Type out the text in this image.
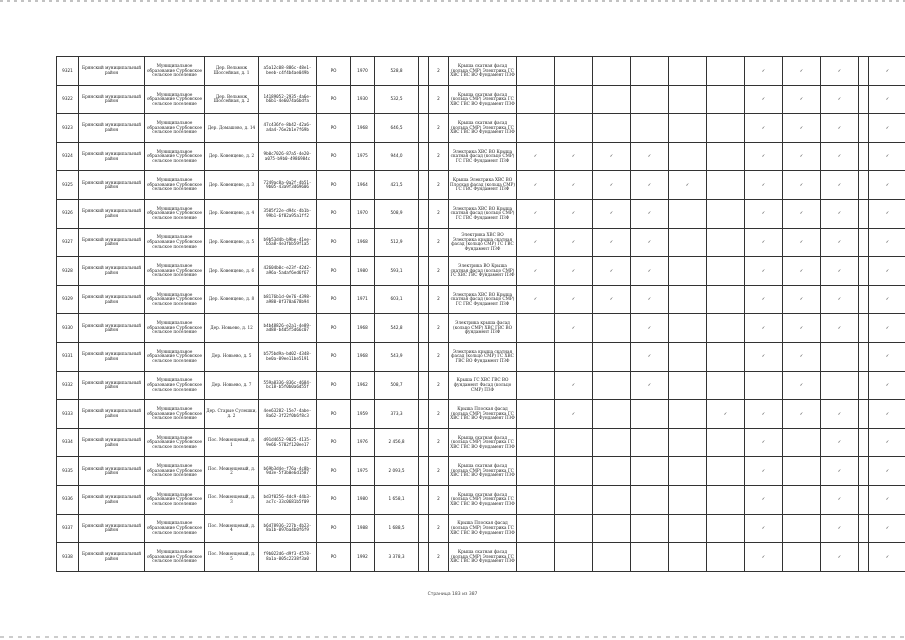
9321	Брянский муниципальный район	Муниципальное образование Сурбовское сельское поселение	Дер. Вельмож Шоссейная, д. 1	a5a12c08-886c-48e1-beeb-c4f4b4ae049b	РО	1970	528,8		2	Крыша скатная фасад (кольца СМР) Электрика ГС ХВС ГВС ВО Фундамент ПЗФ							✓	✓	✓		✓
9322	Брянский муниципальный район	Муниципальное образование Сурбовское сельское поселение	Дер. Вельмож Шоссейная, д. 2	14189052-2935-4a6e-b6b1-4e6074a6bdfa	РО	1930	532,5		2	Крыша скатная фасад (кольца СМР) Электрика ГС ХВС ГВС ВО Фундамент ПЗФ							✓	✓	✓		✓
9323	Брянский муниципальный район	Муниципальное образование Сурбовское сельское поселение	Дер. Домашово, д. 14	47c436fe-8b42-42a6-a4a4-76e2b1e7f69b	РО	1968	646,5		2	Крыша скатная фасад (кольца СМР) Электрика ГС ХВС ГВС ВО Фундамент ПЗФ							✓	✓	✓		✓
9324	Брянский муниципальный район	Муниципальное образование Сурбовское сельское поселение	Дер. Ковенцево, д. 2	9b0c7026-87a5-4e20-a075-b9b0-4986984c	РО	1975	944,0		2	Электрика ХВС ВО Крыша скатная фасад (кольцо СМР) ГС ГВС Фундамент ПЗФ	✓	✓	✓	✓			✓	✓	✓		✓
9325	Брянский муниципальный район	Муниципальное образование Сурбовское сельское поселение	Дер. Ковенцево, д. 3	7249ac8a-0a2f-4b51-9b05-43a9f3d69606	РО	1964	421,5		2	Крыша Электрика ХВС ВО Плоская фасад (кольца СМР) ГС ГВС Фундамент ПЗФ	✓	✓	✓	✓	✓		✓	✓	✓		✓
9326	Брянский муниципальный район	Муниципальное образование Сурбовское сельское поселение	Дер. Ковенцево, д. 4	3505f22e-d94c-4b1b-99b1-6f82a95a1ff2	РО	1970	508,9		2	Электрика ХВС ВО Крыша скатная фасад (кольцо СМР) ГС ГВС Фундамент ПЗФ	✓	✓	✓	✓			✓	✓	✓		✓
9327	Брянский муниципальный район	Муниципальное образование Сурбовское сельское поселение	Дер. Ковенцево, д. 5	b9b53d4b-b9be-41ee-b5a8-4e3fbb59f1a5	РО	1968	512,9		2	Электрика ХВС ВО Электрика крыша скатная фасад (кольцо СМР) ГС ГВС Фундамент ПЗФ	✓	✓	✓	✓			✓	✓	✓		✓
9328	Брянский муниципальный район	Муниципальное образование Сурбовское сельское поселение	Дер. Ковенцево, д. 6	42604b0c-e23f-42d2-a96a-5adaf6ed6f67	РО	1980	593,1		2	Электрика ВО Крыша скатная фасад (кольцо СМР) ГС ХВС ГВС Фундамент ПЗФ	✓	✓	✓	✓			✓	✓	✓		✓
9329	Брянский муниципальный район	Муниципальное образование Сурбовское сельское поселение	Дер. Ковенцево, д. 8	b8176b1d-0e76-4398-a980-0f370a678b94	РО	1971	603,1		2	Электрика ХВС ВО Крыша скатная фасад (кольцо СМР) ГС ГВС Фундамент ПЗФ	✓	✓	✓	✓			✓	✓	✓		✓
9330	Брянский муниципальный район	Муниципальное образование Сурбовское сельское поселение	Дер. Новьево, д. 12	b4b48826-e2a1-4e89-ad88-b4d5f5d66c07	РО	1968	542,8		2	Электрика крыша фасад (кольцо СМР) ХВС ГВС ВО фундамент ПЗФ		✓		✓			✓	✓	✓		✓
9331	Брянский муниципальный район	Муниципальное образование Сурбовское сельское поселение	Дер. Новьево, д. 5	b575bd9a-bd02-4348-be0a-09ee11be5191	РО	1968	543,9		2	Электрика крыша скатная фасад (кольцо СМР) ГС ХВС ГВС ВО Фундамент ПЗФ				✓			✓	✓			✓
9332	Брянский муниципальный район	Муниципальное образование Сурбовское сельское поселение	Дер. Новьево, д. 7	559a8336-836c-4684-bc18-b5f0b0a6d55f	РО	1962	508,7		2	Крыша ГС ХВС ГВС ВО фундамент Фасад (кольцо СМР) ПЗФ		✓		✓				✓			✓
9333	Брянский муниципальный район	Муниципальное образование Сурбовское сельское поселение	Дер. Старые Сулешки, д. 2	4ee63282-15e7-4abe-8a62-3f22f0b6f8c3	РО	1959	373,3		2	Крыша Плоская фасад (кольца СМР) Электрика ГС ХВС ГВС ВО Фундамент ПЗФ		✓				✓	✓	✓	✓		✓
9334	Брянский муниципальный район	Муниципальное образование Сурбовское сельское поселение	Пос. Меженцевый, д. 1	d91d4652-9025-4135-9e66-5702f120ee17	РО	1976	2 456,8		2	Крыша скатная фасад (кольца СМР) Электрика ГС ХВС ГВС ВО Фундамент ПЗФ							✓		✓		✓
9335	Брянский муниципальный район	Муниципальное образование Сурбовское сельское поселение	Пос. Меженцевый, д. 2	b69b3d4e-f76a-4c8b-9d3e-5f3b0e6d1587	РО	1975	2 093,5		2	Крыша скатная фасад (кольца СМР) Электрика ГС ХВС ГВС ВО Фундамент ПЗФ							✓		✓		✓
9336	Брянский муниципальный район	Муниципальное образование Сурбовское сельское поселение	Пос. Меженцевый, д. 3	bd3f0256-4dc9-44b3-ac7c-33c0681b5f09	РО	1980	1 658,1		2	Крыша скатная фасад (кольца СМР) Электрика ГС ХВС ГВС ВО Фундамент ПЗФ							✓		✓		✓
9337	Брянский муниципальный район	Муниципальное образование Сурбовское сельское поселение	Пос. Меженцевый, д. 4	b6d78936-227b-4b23-8a1b-097ba4b0f6f9	РО	1988	1 688,5		2	Крыша Плоская фасад (кольца СМР) Электрика ГС ХВС ГВС ВО Фундамент ПЗФ							✓		✓		✓
9338	Брянский муниципальный район	Муниципальное образование Сурбовское сельское поселение	Пос. Меженцевый, д. 5	f9b022d6-d9f3-4578-8a1a-005c2238f3a0	РО	1992	3 378,3		2	Крыша скатная фасад (кольца СМР) Электрика ГС ХВС ГВС ВО Фундамент ПЗФ							✓		✓		✓
Страница 183 из 387
